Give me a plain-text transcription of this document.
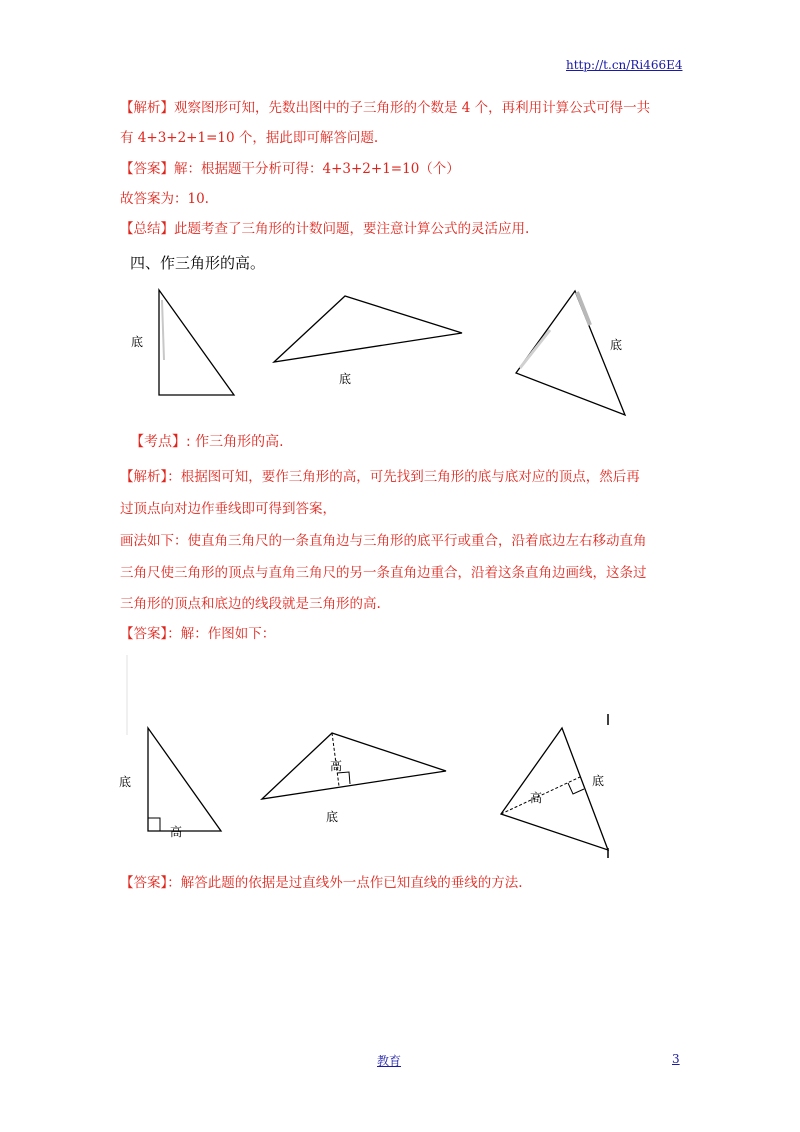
http://t.cn/Ri466E4
【解析】观察图形可知，先数出图中的子三角形的个数是 4 个，再利用计算公式可得一共
有 4+3+2+1=10 个，据此即可解答问题.
【答案】解：根据题干分析可得：4+3+2+1=10（个）
故答案为：10.
【总结】此题考查了三角形的计数问题，要注意计算公式的灵活应用.
四、作三角形的高。
底
底
底
【考点】: 作三角形的高.
【解析】：根据图可知，要作三角形的高，可先找到三角形的底与底对应的顶点，然后再
过顶点向对边作垂线即可得到答案，
画法如下：使直角三角尺的一条直角边与三角形的底平行或重合，沿着底边左右移动直角
三角尺使三角形的顶点与直角三角尺的另一条直角边重合，沿着这条直角边画线，这条过
三角形的顶点和底边的线段就是三角形的高.
【答案】：解：作图如下：
底
高
高
底
高
底
【答案】：解答此题的依据是过直线外一点作已知直线的垂线的方法.
教育	3
